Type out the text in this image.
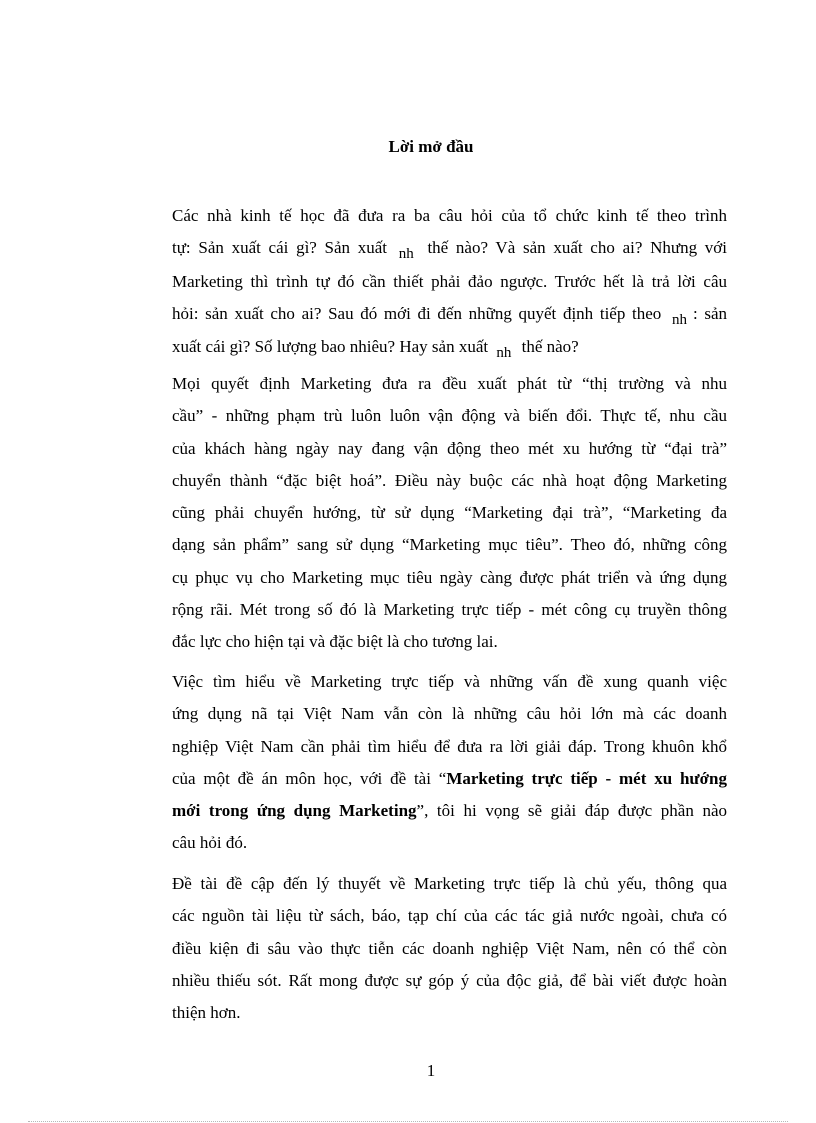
Lời mở đầu
Các nhà kinh tế học đã đưa ra ba câu hỏi của tổ chức kinh tế theo trình
tự: Sản xuất cái gì? Sản xuất nh thế nào? Và sản xuất cho ai? Nhưng với
Marketing thì trình tự đó cần thiết phải đảo ngược. Trước hết là trả lời câu
hỏi: sản xuất cho ai? Sau đó mới đi đến những quyết định tiếp theo nh : sản
xuất cái gì? Số lượng bao nhiêu? Hay sản xuất nh thế nào?
Mọi quyết định Marketing đưa ra đều xuất phát từ “thị trường và nhu
cầu” - những phạm trù luôn luôn vận động và biến đổi. Thực tế, nhu cầu
của khách hàng ngày nay đang vận động theo mét xu hướng từ “đại trà”
chuyển thành “đặc biệt hoá”. Điều này buộc các nhà hoạt động Marketing
cũng phải chuyển hướng, từ sử dụng “Marketing đại trà”, “Marketing đa
dạng sản phẩm” sang sử dụng “Marketing mục tiêu”. Theo đó, những công
cụ phục vụ cho Marketing mục tiêu ngày càng được phát triển và ứng dụng
rộng rãi. Mét trong số đó là Marketing trực tiếp - mét công cụ truyền thông
đắc lực cho hiện tại và đặc biệt là cho tương lai.
Việc tìm hiểu về Marketing trực tiếp và những vấn đề xung quanh việc
ứng dụng nã tại Việt Nam vẫn còn là những câu hỏi lớn mà các doanh
nghiệp Việt Nam cần phải tìm hiểu để đưa ra lời giải đáp. Trong khuôn khổ
của một đề án môn học, với đề tài “Marketing trực tiếp - mét xu hướng
mới trong ứng dụng Marketing”, tôi hi vọng sẽ giải đáp được phần nào
câu hỏi đó.
Đề tài đề cập đến lý thuyết về Marketing trực tiếp là chủ yếu, thông qua
các nguồn tài liệu từ sách, báo, tạp chí của các tác giả nước ngoài, chưa có
điều kiện đi sâu vào thực tiễn các doanh nghiệp Việt Nam, nên có thể còn
nhiều thiếu sót. Rất mong được sự góp ý của độc giả, để bài viết được hoàn
thiện hơn.
1
